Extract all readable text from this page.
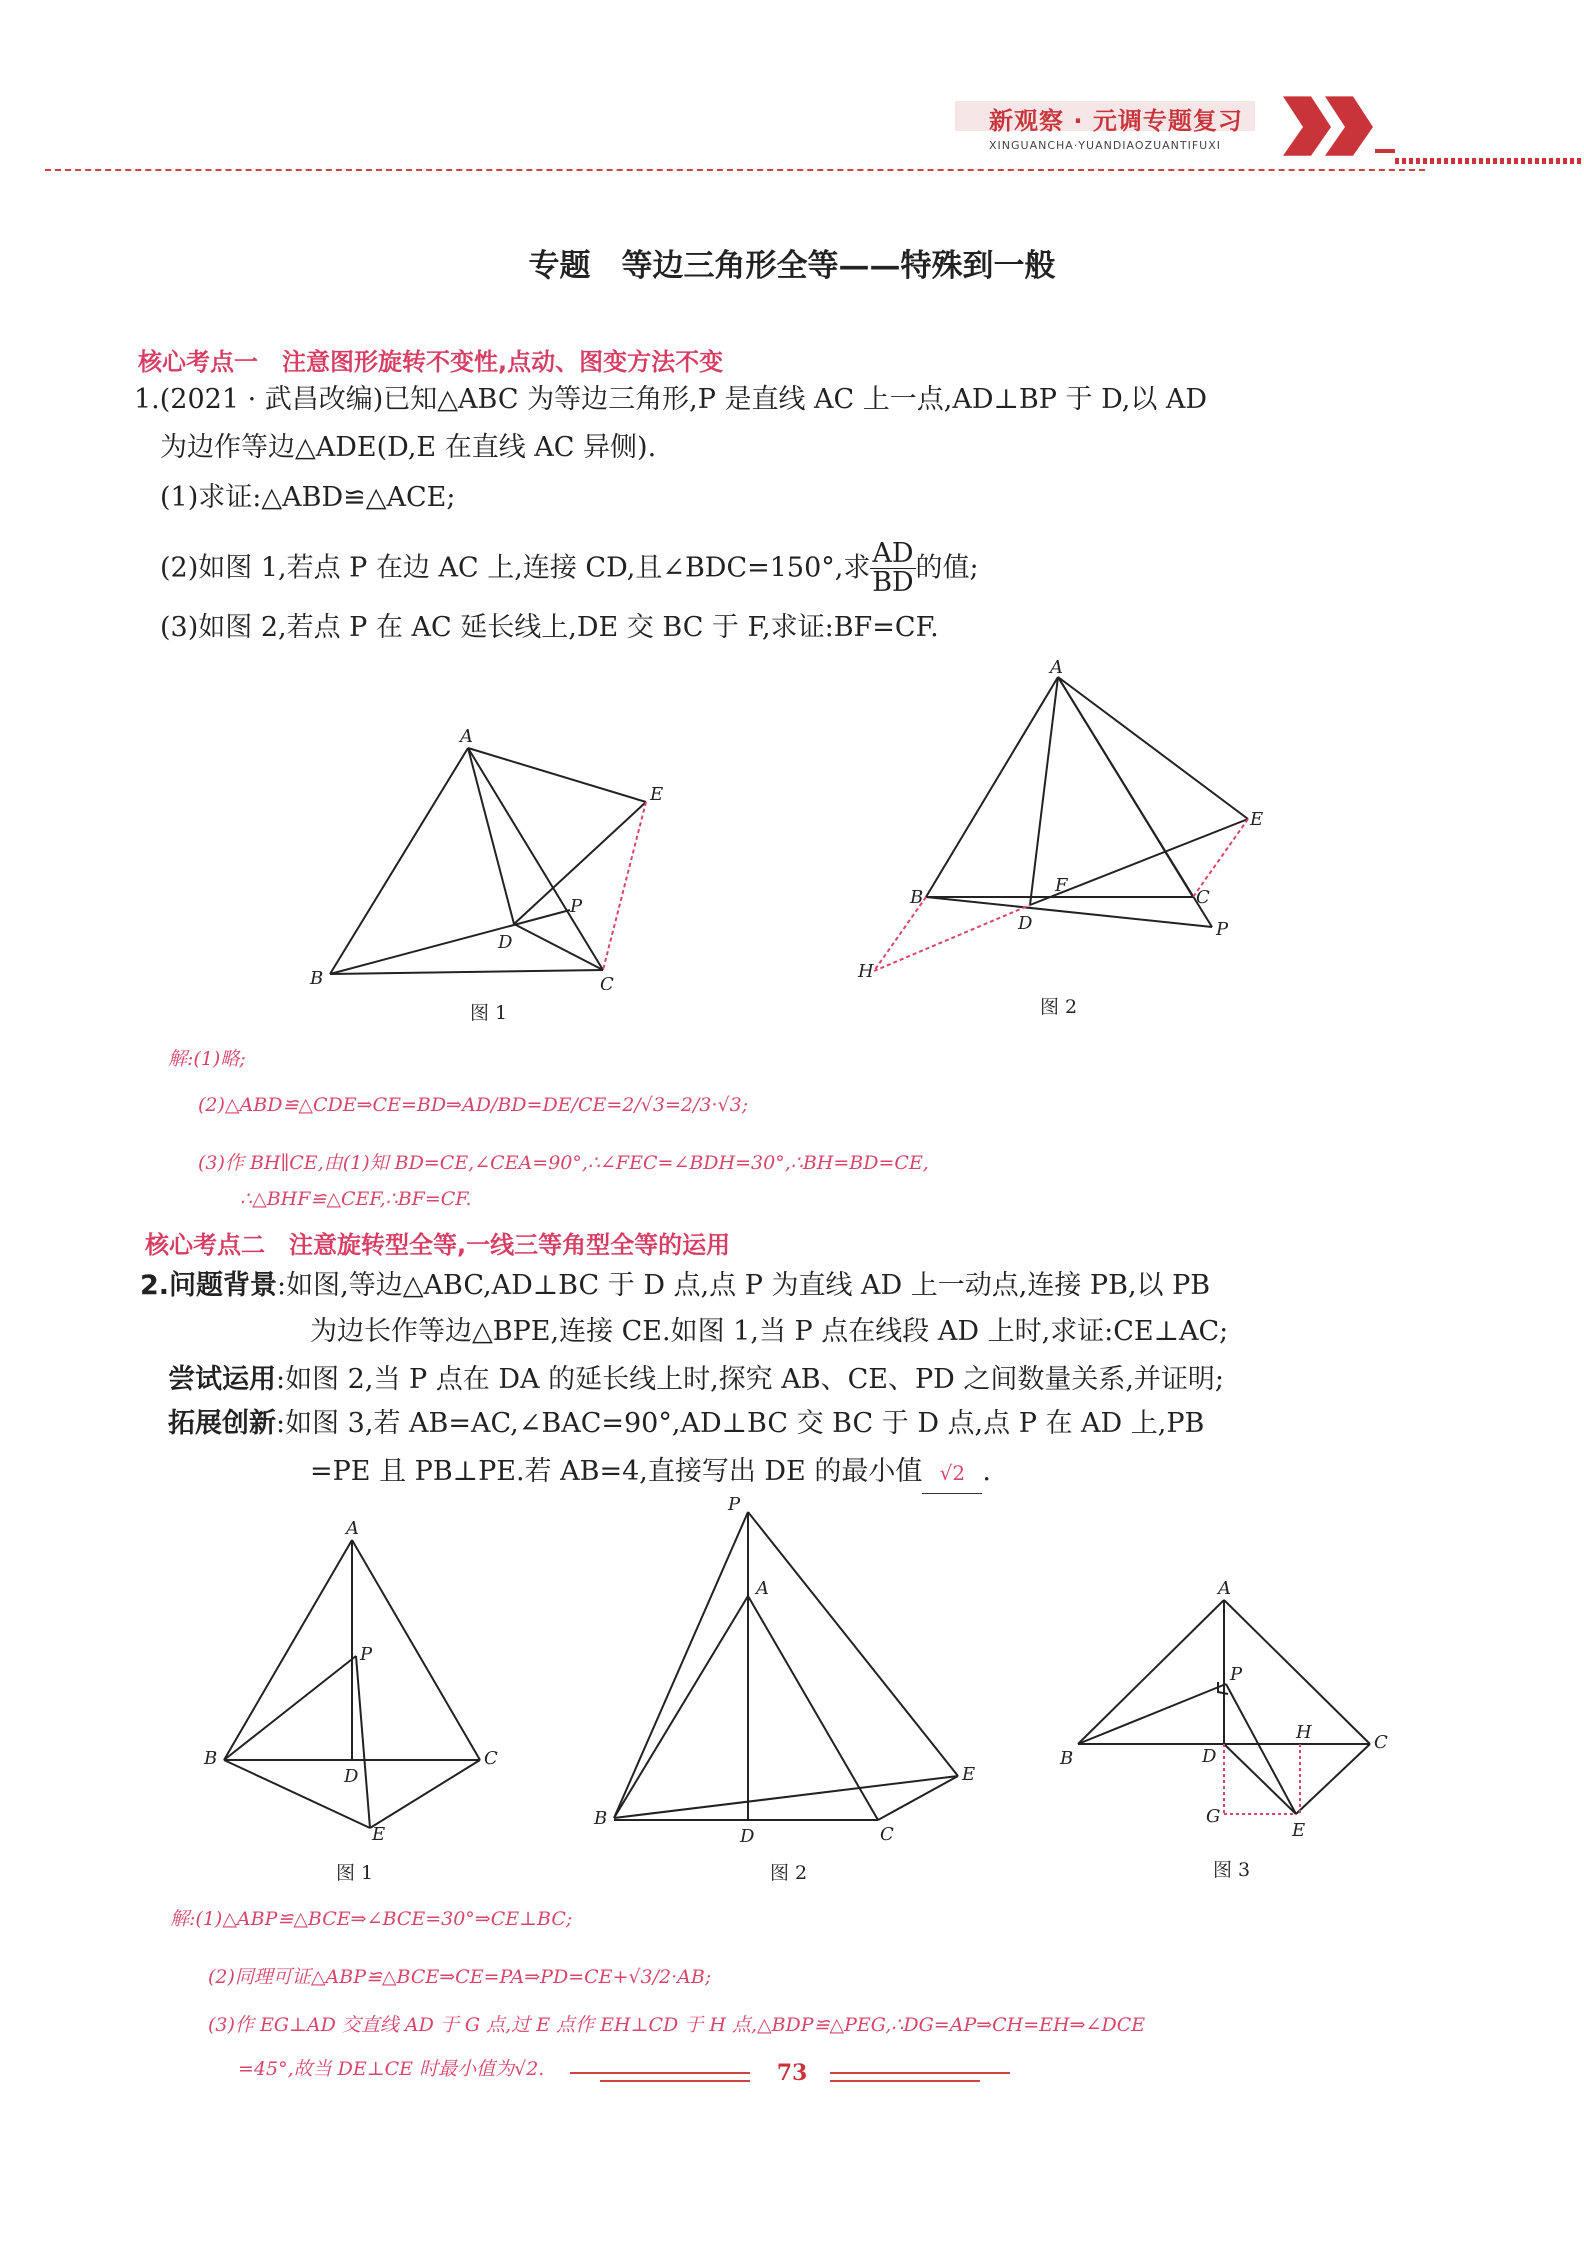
新观察 · 元调专题复习
XINGUANCHA·YUANDIAOZUANTIFUXI
专题　等边三角形全等——特殊到一般
核心考点一　注意图形旋转不变性,点动、图变方法不变
1.(2021 · 武昌改编)已知△ABC 为等边三角形,P 是直线 AC 上一点,AD⊥BP 于 D,以 AD
为边作等边△ADE(D,E 在直线 AC 异侧).
(1)求证:△ABD≌△ACE;
(2)如图 1,若点 P 在边 AC 上,连接 CD,且∠BDC=150°,求 $\frac{AD}{BD}$ 的值;
(3)如图 2,若点 P 在 AC 延长线上,DE 交 BC 于 F,求证:BF=CF.
A
E
P
D
B	C
图 1
A
E
F
B	C
D	P
H
图 2
解:(1)略;
(2)△ABD≌△CDE⇒CE=BD⇒AD/BD=DE/CE=2/√3=2/3·√3;
(3)作 BH∥CE,由(1)知 BD=CE,∠CEA=90°,∴∠FEC=∠BDH=30°,∴BH=BD=CE,
∴△BHF≌△CEF,∴BF=CF.
核心考点二　注意旋转型全等,一线三等角型全等的运用
2.问题背景:如图,等边△ABC,AD⊥BC 于 D 点,点 P 为直线 AD 上一动点,连接 PB,以 PB
为边长作等边△BPE,连接 CE.如图 1,当 P 点在线段 AD 上时,求证:CE⊥AC;
尝试运用:如图 2,当 P 点在 DA 的延长线上时,探究 AB、CE、PD 之间数量关系,并证明;
拓展创新:如图 3,若 AB=AC,∠BAC=90°,AD⊥BC 交 BC 于 D 点,点 P 在 AD 上,PB
=PE 且 PB⊥PE.若 AB=4,直接写出 DE 的最小值 √2 .
A
P
B	C
D
E
图 1
P
A
E
B
D	C
图 2
A
P
B	D
H	C
G
E
图 3
解:(1)△ABP≌△BCE⇒∠BCE=30°⇒CE⊥BC;
(2)同理可证△ABP≌△BCE⇒CE=PA⇒PD=CE+√3/2·AB;
(3)作 EG⊥AD 交直线 AD 于 G 点,过 E 点作 EH⊥CD 于 H 点,△BDP≌△PEG,∴DG=AP⇒CH=EH⇒∠DCE
=45°,故当 DE⊥CE 时最小值为√2.	73
